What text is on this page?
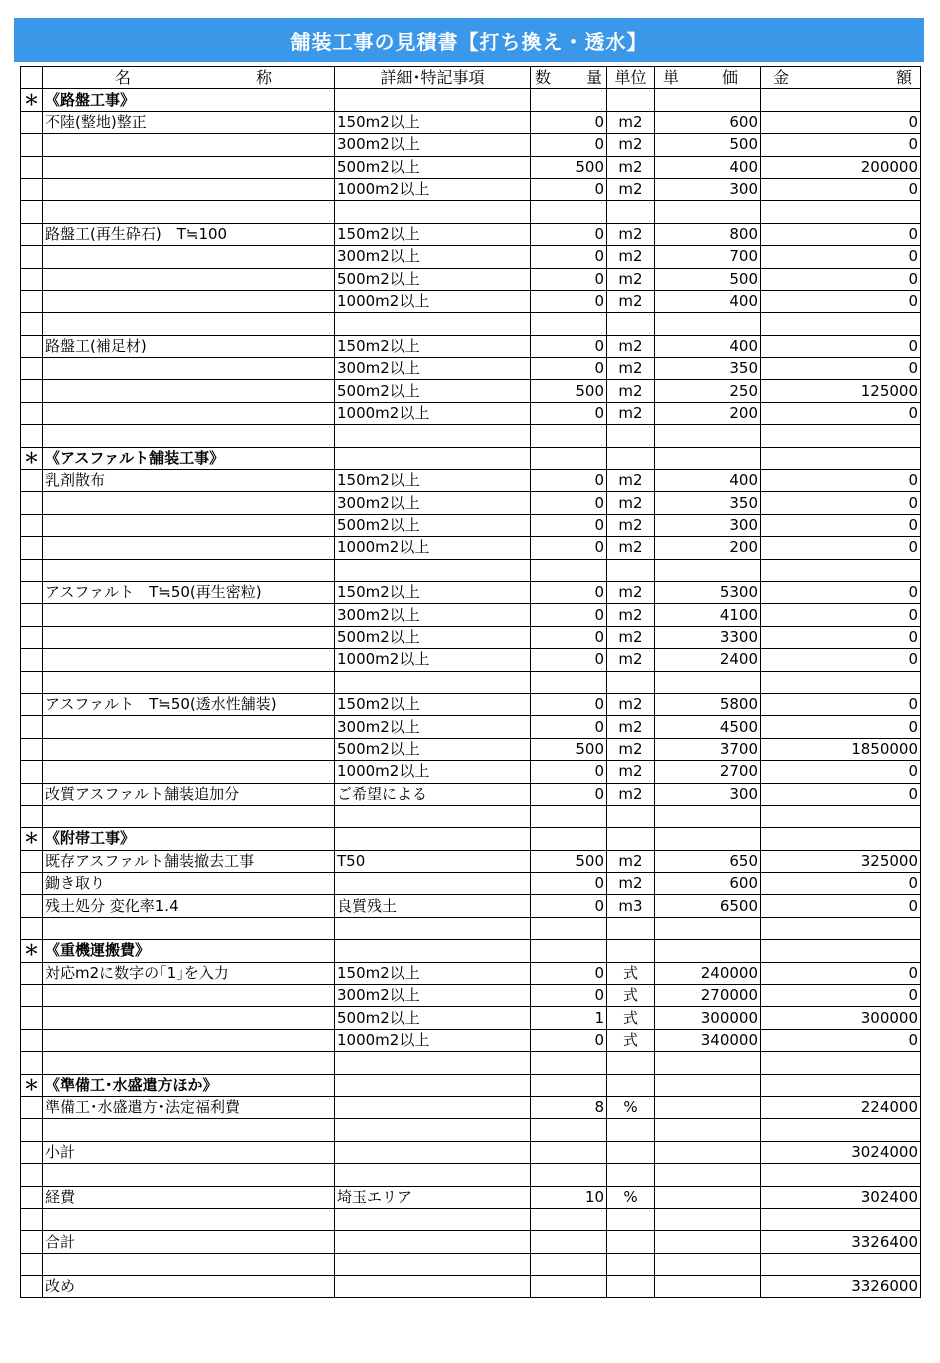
舗装工事の見積書【打ち換え・透水】

	名 称	詳細･特記事項	数 量	単位	単 価	金 額

＊	《路盤工事》					
	不陸(整地)整正	150m2以上	0	m2	600	0
		300m2以上	0	m2	500	0
		500m2以上	500	m2	400	200000
		1000m2以上	0	m2	300	0

	路盤工(再生砕石)　T≒100	150m2以上	0	m2	800	0
		300m2以上	0	m2	700	0
		500m2以上	0	m2	500	0
		1000m2以上	0	m2	400	0

	路盤工(補足材)	150m2以上	0	m2	400	0
		300m2以上	0	m2	350	0
		500m2以上	500	m2	250	125000
		1000m2以上	0	m2	200	0

＊	《アスファルト舗装工事》					
	乳剤散布	150m2以上	0	m2	400	0
		300m2以上	0	m2	350	0
		500m2以上	0	m2	300	0
		1000m2以上	0	m2	200	0

	アスファルト　T≒50(再生密粒)	150m2以上	0	m2	5300	0
		300m2以上	0	m2	4100	0
		500m2以上	0	m2	3300	0
		1000m2以上	0	m2	2400	0

	アスファルト　T≒50(透水性舗装)	150m2以上	0	m2	5800	0
		300m2以上	0	m2	4500	0
		500m2以上	500	m2	3700	1850000
		1000m2以上	0	m2	2700	0
	改質アスファルト舗装追加分	ご希望による	0	m2	300	0

＊	《附帯工事》					
	既存アスファルト舗装撤去工事	T50	500	m2	650	325000
	鋤き取り		0	m2	600	0
	残土処分 変化率1.4	良質残土	0	m3	6500	0

＊	《重機運搬費》					
	対応m2に数字の｢1｣を入力	150m2以上	0	式	240000	0
		300m2以上	0	式	270000	0
		500m2以上	1	式	300000	300000
		1000m2以上	0	式	340000	0

＊	《準備工･水盛遣方ほか》					
	準備工･水盛遣方･法定福利費		8	%		224000

	小計					3024000

	経費	埼玉エリア	10	%		302400

	合計					3326400

	改め					3326000
